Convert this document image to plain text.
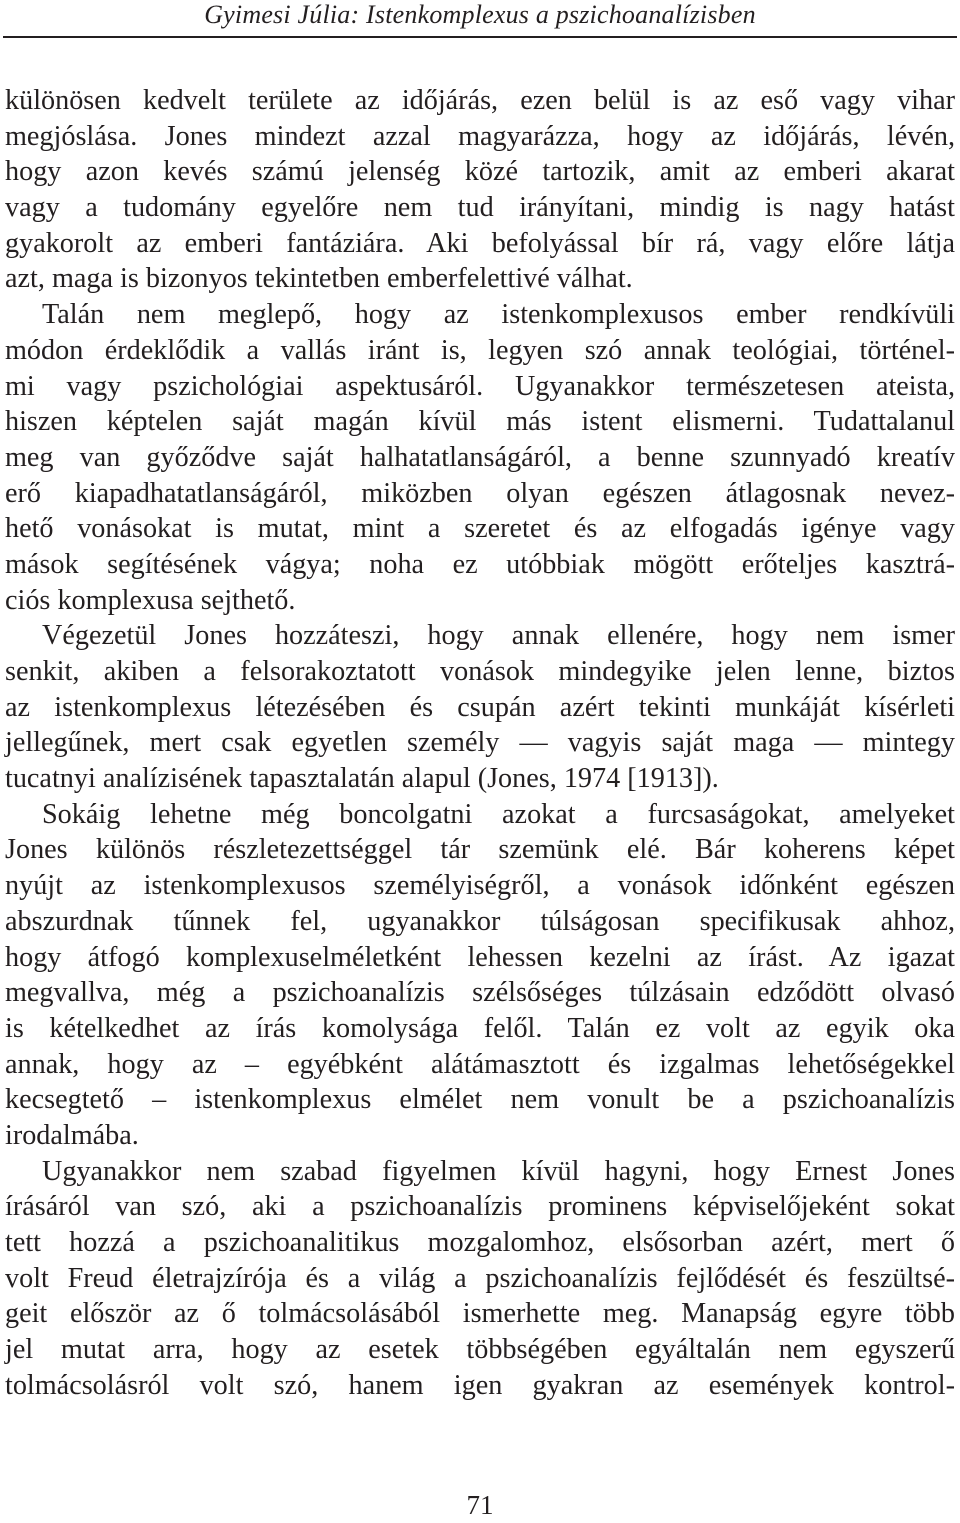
Gyimesi Júlia: Istenkomplexus a pszichoanalízisben
különösen kedvelt területe az időjárás, ezen belül is az eső vagy vihar
megjóslása. Jones mindezt azzal magyarázza, hogy az időjárás, lévén,
hogy azon kevés számú jelenség közé tartozik, amit az emberi akarat
vagy a tudomány egyelőre nem tud irányítani, mindig is nagy hatást
gyakorolt az emberi fantáziára. Aki befolyással bír rá, vagy előre látja
azt, maga is bizonyos tekintetben emberfelettivé válhat.
Talán nem meglepő, hogy az istenkomplexusos ember rendkívüli
módon érdeklődik a vallás iránt is, legyen szó annak teológiai, történel-
mi vagy pszichológiai aspektusáról. Ugyanakkor természetesen ateista,
hiszen képtelen saját magán kívül más istent elismerni. Tudattalanul
meg van győződve saját halhatatlanságáról, a benne szunnyadó kreatív
erő kiapadhatatlanságáról, miközben olyan egészen átlagosnak nevez-
hető vonásokat is mutat, mint a szeretet és az elfogadás igénye vagy
mások segítésének vágya; noha ez utóbbiak mögött erőteljes kasztrá-
ciós komplexusa sejthető.
Végezetül Jones hozzáteszi, hogy annak ellenére, hogy nem ismer
senkit, akiben a felsorakoztatott vonások mindegyike jelen lenne, biztos
az istenkomplexus létezésében és csupán azért tekinti munkáját kísérleti
jellegűnek, mert csak egyetlen személy — vagyis saját maga — mintegy
tucatnyi analízisének tapasztalatán alapul (Jones, 1974 [1913]).
Sokáig lehetne még boncolgatni azokat a furcsaságokat, amelyeket
Jones különös részletezettséggel tár szemünk elé. Bár koherens képet
nyújt az istenkomplexusos személyiségről, a vonások időnként egészen
abszurdnak tűnnek fel, ugyanakkor túlságosan specifikusak ahhoz,
hogy átfogó komplexuselméletként lehessen kezelni az írást. Az igazat
megvallva, még a pszichoanalízis szélsőséges túlzásain edződött olvasó
is kételkedhet az írás komolysága felől. Talán ez volt az egyik oka
annak, hogy az – egyébként alátámasztott és izgalmas lehetőségekkel
kecsegtető – istenkomplexus elmélet nem vonult be a pszichoanalízis
irodalmába.
Ugyanakkor nem szabad figyelmen kívül hagyni, hogy Ernest Jones
írásáról van szó, aki a pszichoanalízis prominens képviselőjeként sokat
tett hozzá a pszichoanalitikus mozgalomhoz, elsősorban azért, mert ő
volt Freud életrajzírója és a világ a pszichoanalízis fejlődését és feszültsé-
geit először az ő tolmácsolásából ismerhette meg. Manapság egyre több
jel mutat arra, hogy az esetek többségében egyáltalán nem egyszerű
tolmácsolásról volt szó, hanem igen gyakran az események kontrol-
71
